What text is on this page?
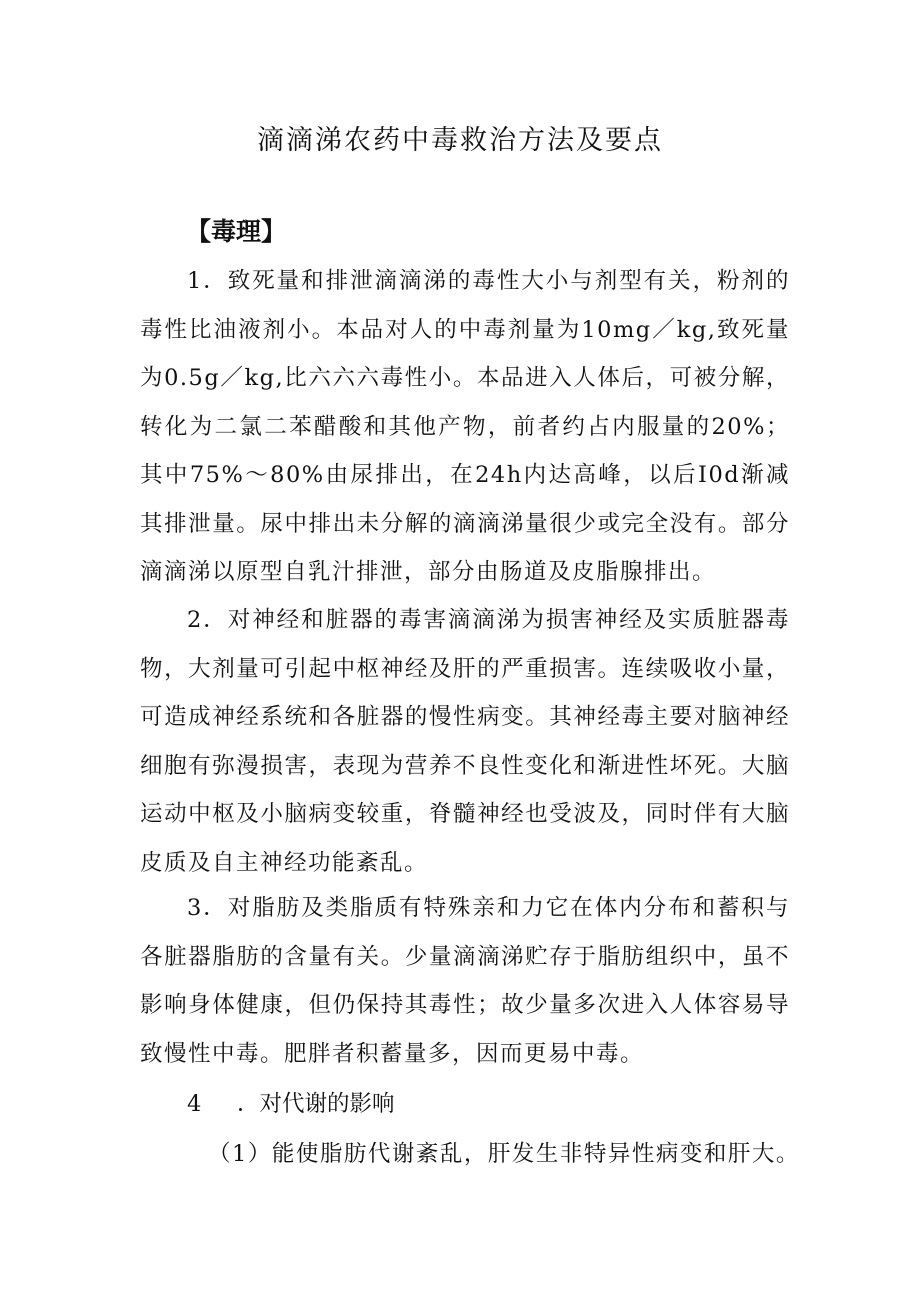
滴滴涕农药中毒救治方法及要点
【毒理】

1．致死量和排泄滴滴涕的毒性大小与剂型有关，粉剂的毒性比油液剂小。本品对人的中毒剂量为10mg／kg,致死量为0.5g／kg,比六六六毒性小。本品进入人体后，可被分解，转化为二氯二苯醋酸和其他产物，前者约占内服量的20%；其中75%～80%由尿排出，在24h内达高峰，以后I0d渐减其排泄量。尿中排出未分解的滴滴涕量很少或完全没有。部分滴滴涕以原型自乳汁排泄，部分由肠道及皮脂腺排出。

2．对神经和脏器的毒害滴滴涕为损害神经及实质脏器毒物，大剂量可引起中枢神经及肝的严重损害。连续吸收小量，可造成神经系统和各脏器的慢性病变。其神经毒主要对脑神经细胞有弥漫损害，表现为营养不良性变化和渐进性坏死。大脑运动中枢及小脑病变较重，脊髓神经也受波及，同时伴有大脑皮质及自主神经功能紊乱。

3．对脂肪及类脂质有特殊亲和力它在体内分布和蓄积与各脏器脂肪的含量有关。少量滴滴涕贮存于脂肪组织中，虽不影响身体健康，但仍保持其毒性；故少量多次进入人体容易导致慢性中毒。肥胖者积蓄量多，因而更易中毒。

4 ．对代谢的影响

（1）能使脂肪代谢紊乱，肝发生非特异性病变和肝大。
